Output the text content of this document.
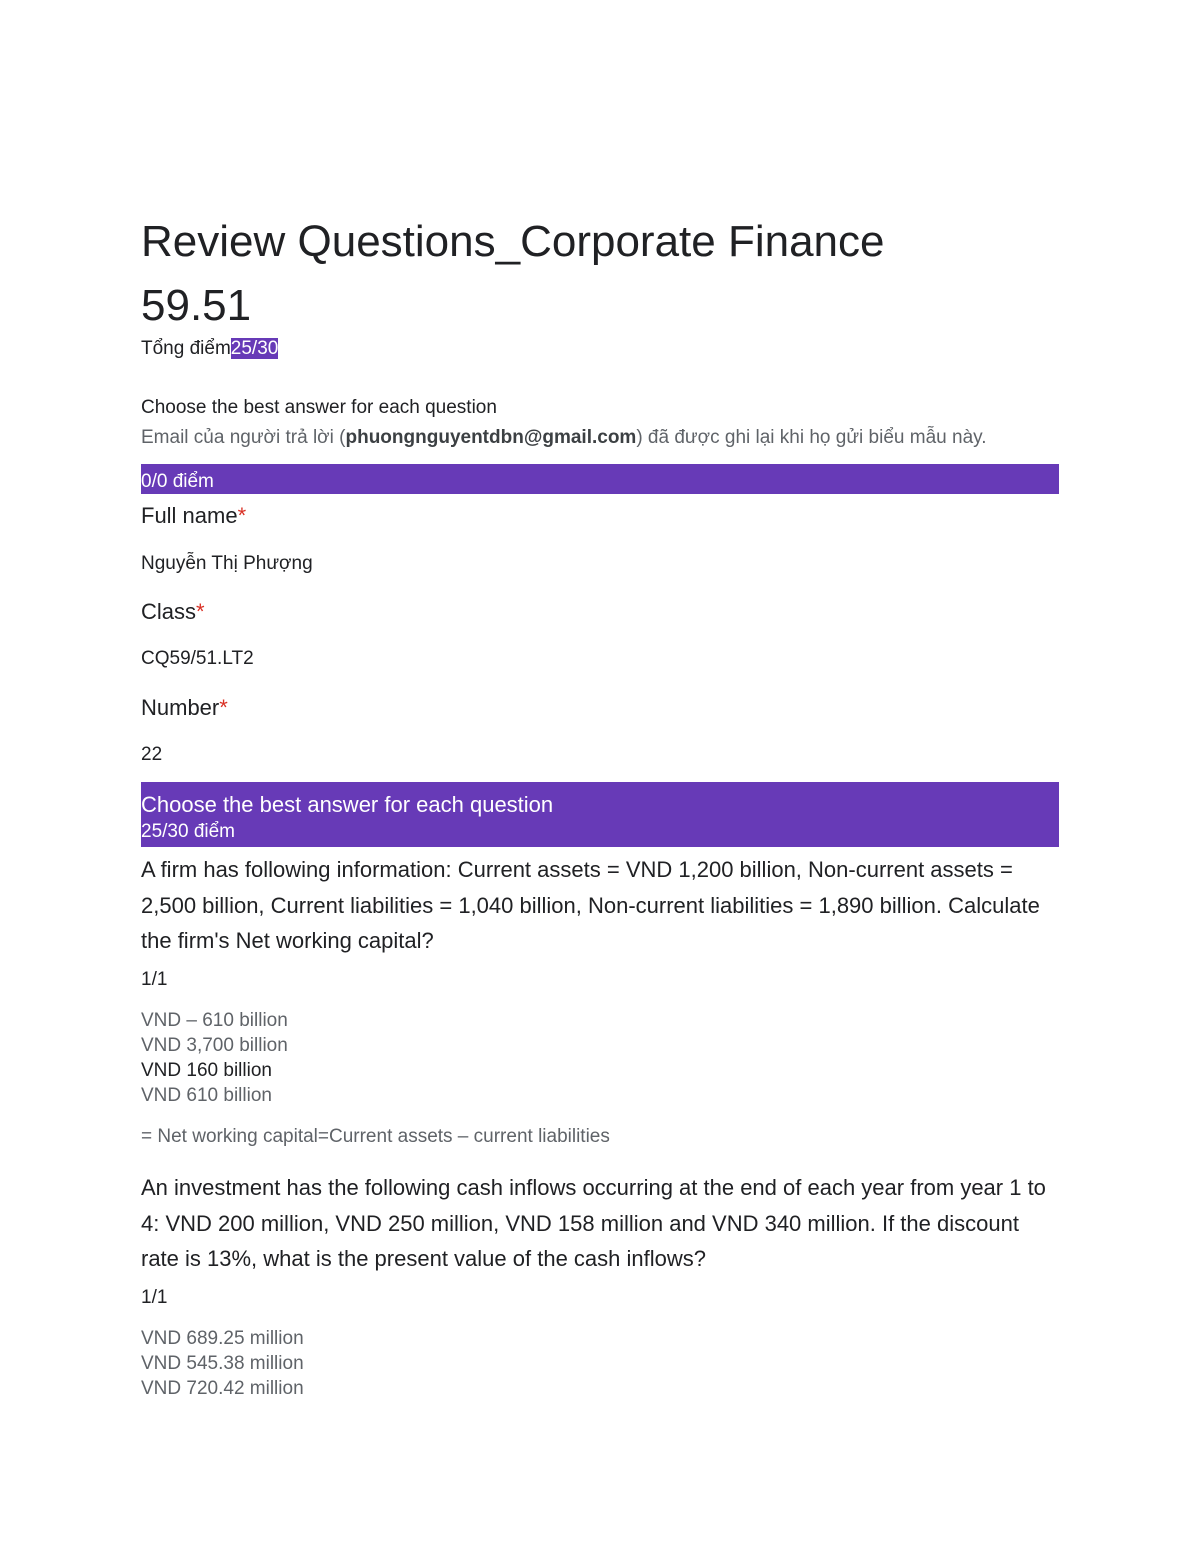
Review Questions_Corporate Finance
59.51
Tổng điểm25/30
Choose the best answer for each question
Email của người trả lời (phuongnguyentdbn@gmail.com) đã được ghi lại khi họ gửi biểu mẫu này.
0/0 điểm
Full name*
Nguyễn Thị Phượng
Class*
CQ59/51.LT2
Number*
22
Choose the best answer for each question
25/30 điểm
A firm has following information: Current assets = VND 1,200 billion, Non-current assets = 2,500 billion, Current liabilities = 1,040 billion, Non-current liabilities = 1,890 billion. Calculate the firm's Net working capital?
1/1
VND – 610 billion
VND 3,700 billion
VND 160 billion
VND 610 billion
= Net working capital=Current assets – current liabilities
An investment has the following cash inflows occurring at the end of each year from year 1 to 4: VND 200 million, VND 250 million, VND 158 million and VND 340 million. If the discount rate is 13%, what is the present value of the cash inflows?
1/1
VND 689.25 million
VND 545.38 million
VND 720.42 million
